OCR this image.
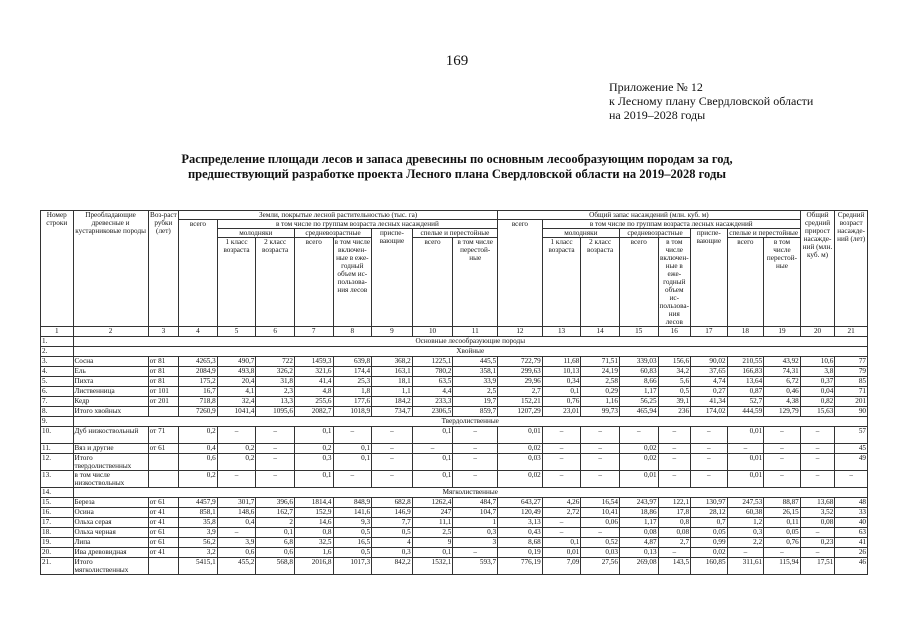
169
Приложение № 12
к Лесному плану Свердловской области
на 2019–2028 годы
Распределение площади лесов и запаса древесины по основным лесообразующим породам за год,
предшествующий разработке проекта Лесного плана Свердловской области на 2019–2028 годы
Номер строки	Преобладающие древесные и кустарниковые породы	Воз-раст рубки (лет)	Земли, покрытые лесной растительностью (тыс. га)								Общий запас насаждений (млн. куб. м)								Общий средний прирост насажде-ний (млн. куб. м)	Средний возраст насажде-ний (лет)
			всего	в том числе по группам возраста лесных насаждений							всего	в том числе по группам возраста лесных насаждений								
				молодняки		средневозрастные		приспе-вающие	спелые и перестойные			молодняки		средневозрастные		приспе-вающие	спелые и перестойные			
				1 класс возраста	2 класс возраста	всего	в том числе включен-ные в еже-годный объем ис-пользова-ния лесов		всего	в том числе перестой-ные		1 класс возраста	2 класс возраста	всего	в том числе включен-ные в еже-годный объем ис-пользова-ния лесов		всего	в том числе перестой-ные		
1	2	3	4	5	6	7	8	9	10	11	12	13	14	15	16	17	18	19	20	21
1.	Основные лесообразующие породы																			
2.	Хвойные																			
3.	Сосна	от 81	4265,3	490,7	722	1459,3	639,8	368,2	1225,1	445,5	722,79	11,68	71,51	339,03	156,6	90,02	210,55	43,92	10,6	77
4.	Ель	от 81	2084,9	493,8	326,2	321,6	174,4	163,1	780,2	358,1	299,63	10,13	24,19	60,83	34,2	37,65	166,83	74,31	3,8	79
5.	Пихта	от 81	175,2	20,4	31,8	41,4	25,3	18,1	63,5	33,9	29,96	0,34	2,58	8,66	5,6	4,74	13,64	6,72	0,37	85
6.	Лиственница	от 101	16,7	4,1	2,3	4,8	1,8	1,1	4,4	2,5	2,7	0,1	0,29	1,17	0,5	0,27	0,87	0,46	0,04	71
7.	Кедр	от 201	718,8	32,4	13,3	255,6	177,6	184,2	233,3	19,7	152,21	0,76	1,16	56,25	39,1	41,34	52,7	4,38	0,82	201
8.	Итого хвойных		7260,9	1041,4	1095,6	2082,7	1018,9	734,7	2306,5	859,7	1207,29	23,01	99,73	465,94	236	174,02	444,59	129,79	15,63	90
9.	Твердолиственные																			
10.	Дуб низкоствольный	от 71	0,2	–	–	0,1	–	–	0,1	–	0,01	–	–	–	–	–	0,01	–	–	57
11.	Вяз и другие	от 61	0,4	0,2	–	0,2	0,1	–	–	–	0,02	–	–	0,02	–	–	–	–	–	45
12.	Итого твердолиственных		0,6	0,2	–	0,3	0,1	–	0,1	–	0,03	–	–	0,02	–	–	0,01	–	–	49
13.	в том числе низкоствольных		0,2	–	–	0,1	–	–	0,1	–	0,02	–	–	0,01	–	–	0,01	–	–	–
14.	Мягколиственные																			
15.	Береза	от 61	4457,9	301,7	396,6	1814,4	848,9	682,8	1262,4	484,7	643,27	4,26	16,54	243,97	122,1	130,97	247,53	88,87	13,68	48
16.	Осина	от 41	858,1	148,6	162,7	152,9	141,6	146,9	247	104,7	120,49	2,72	10,41	18,86	17,8	28,12	60,38	26,15	3,52	33
17.	Ольха серая	от 41	35,8	0,4	2	14,6	9,3	7,7	11,1	1	3,13	–	0,06	1,17	0,8	0,7	1,2	0,11	0,08	40
18.	Ольха черная	от 61	3,9	–	0,1	0,8	0,5	0,5	2,5	0,3	0,43	–	–	0,08	0,08	0,05	0,3	0,05	–	63
19.	Липа	от 61	56,2	3,9	6,8	32,5	16,5	4	9	3	8,68	0,1	0,52	4,87	2,7	0,99	2,2	0,76	0,23	41
20.	Ива древовидная	от 41	3,2	0,6	0,6	1,6	0,5	0,3	0,1	–	0,19	0,01	0,03	0,13	–	0,02	–	–	–	26
21.	Итого мягколиственных		5415,1	455,2	568,8	2016,8	1017,3	842,2	1532,1	593,7	776,19	7,09	27,56	269,08	143,5	160,85	311,61	115,94	17,51	46
